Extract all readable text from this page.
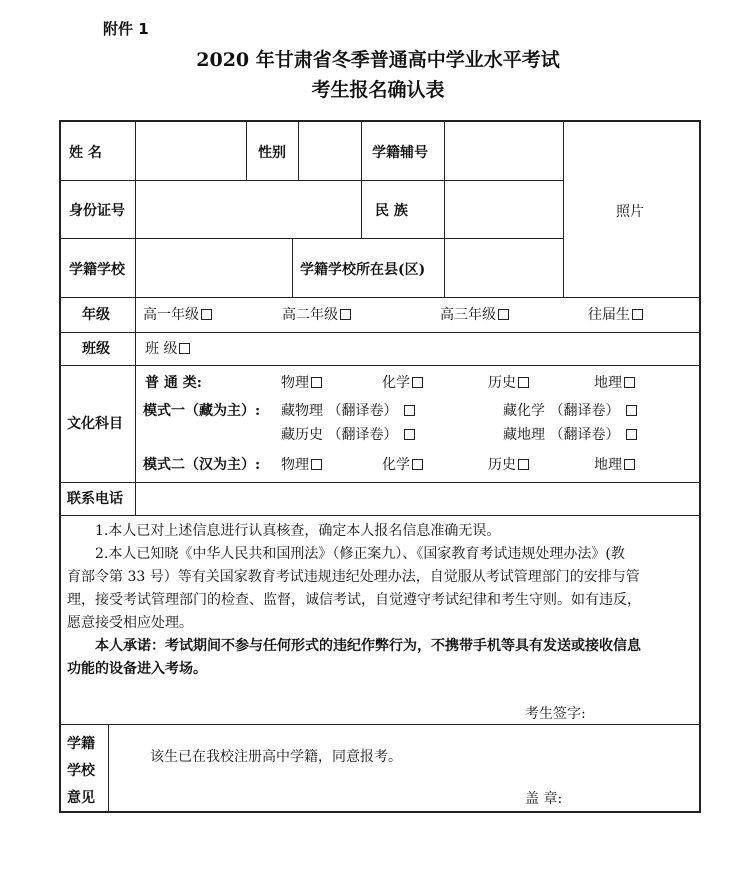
附件 1
2020 年甘肃省冬季普通高中学业水平考试
考生报名确认表
姓 名	性别	学籍辅号
照片
身份证号	民 族
学籍学校	学籍学校所在县(区)
年级 高一年级	高二年级	高三年级	往届生
班级	班 级
文化科目
普 通 类:	物理	化学	历史	地理
模式一（藏为主）: 藏物理 （翻译卷）	藏化学 （翻译卷）
藏历史 （翻译卷）	藏地理 （翻译卷）
模式二（汉为主）: 物理	化学	历史	地理
联系电话
1.本人已对上述信息进行认真核查，确定本人报名信息准确无误。
2.本人已知晓《中华人民共和国刑法》（修正案九）、《国家教育考试违规处理办法》(教
育部令第 33 号）等有关国家教育考试违规违纪处理办法，自觉服从考试管理部门的安排与管
理，接受考试管理部门的检查、监督，诚信考试，自觉遵守考试纪律和考生守则。如有违反，
愿意接受相应处理。
本人承诺：考试期间不参与任何形式的违纪作弊行为，不携带手机等具有发送或接收信息
功能的设备进入考场。
考生签字:
学籍
学校
意见
该生已在我校注册高中学籍，同意报考。
盖 章:
